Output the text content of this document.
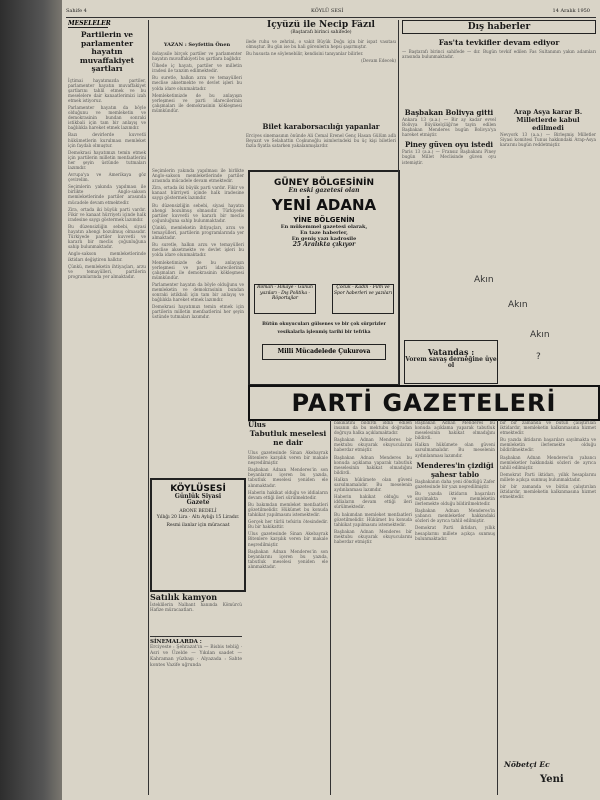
Sahife 4	KÖYLÜ SESİ	14 Aralık 1950
MESELELER
Partilerin ve parlamenter hayatın muvaffakiyet şartları

İçtimai hayatımızda partiler, parlamenter hayatın muvaffakiyet şartlarını tahlil etmek ve bu meselelere dair kanaatlerimizi izah etmek istiyoruz.

Parlamenter hayatın da böyle olduğunu ve memleketin ve demokrasinin bundan sonraki istikbali için tam bir anlayış ve bağlılıkla hareket etmek lazımdır.

Bazı devirlerde kuvvetli hükümetlerin kurulması memleket için faydalı olmuştur.

Demokrasi hayatımızı temin etmek için partilerin milletin menfaatlerini her şeyin üstünde tutmaları lazımdır.

Avrupa'ya ve Amerikaya göz çevirelim.

Seçimlerin yakında yapılması ile birlikte Anglo-sakson memleketlerinde partiler arasında mücadele devam etmektedir.

Zira, ortada iki büyük parti vardır. Fikir ve kanaat hürriyeti içinde halk iradesine saygı göstermek lazımdır.

Bu düzensizliğin sebebi, siyasi hayatın ahengi bozulmuş olmasıdır. Türkiyede partiler kuvvetli ve kararlı bir meclis çoğunluğuna sahip bulunmaktadır.

Anglo-sakson memleketlerinde iktidarı değiştiren halktır.

Çünkü, memleketin ihtiyaçları, arzu ve temayülleri, partilerin programlarında yer almaktadır.

YAZAN : Seyfettin Önen

dolayısile birçok partiler ve parlamenter hayatın muvaffakiyeti bu şartlara bağlıdır.

Ülkede iç hayatı, partiler ve milletin iradesi ile tanzim edilmektedir.

Bu suretle, halkın arzu ve temayülleri meclise aksetmekte ve devlet işleri bu yolda idare olunmaktadır.

Memleketimizde de bu anlayışın yerleşmesi ve parti idarecilerinin çalışmaları ile demokrasinin kökleşmesi mümkündür.

İçyüzü ile Necip Fâzıl
(Baştarafı birinci sahifede)

ilede ruhu ve zehrini, o vakit Büyük Doğu için bir ispat vasıtası olmuştur. Bu gün ise bu hali görenlerin hepsi şaşırmıştır.

Bu hususta ne söylenebilir, kendisini tanıyanlar bilirler.

(Devam Edecek)

Bilet karaborsacılığı yapanlar

Erciyes sinemasının önünde Ali Cemal Erenel Genç Hasan Gülüm adlı Beyazıt ve Selahattin Coşkunoğlu isimlerindeki bu üç kişi biletleri fazla fiyatla satarken yakalanmışlardır.

GÜNEY BÖLGESİNİN
En eski gazetesi olan
YENİ ADANA
YİNE BÖLGENİN
En mükemmel gazetesi olarak,
En taze haberler,
En geniş yazı kadrosile
25 Aralıkta çıkıyor
Roman - Hikâye - Günün yazıları - Dış Politika - Röportajlar
Çocuk - Kadın - Film ve Spor haberleri ve yazıları
Bütün okuyucuları gülsenes ve bir çok sürprizler
vesikalarla işlenmiş tarihi bir tefrika
Milli Mücadelede Çukurova

Seçimlerin yakında yapılması ile birlikte Anglo-sakson memleketlerinde partiler arasında mücadele devam etmektedir.

Zira, ortada iki büyük parti vardır. Fikir ve kanaat hürriyeti içinde halk iradesine saygı göstermek lazımdır.

Bu düzensizliğin sebebi, siyasi hayatın ahengi bozulmuş olmasıdır. Türkiyede partiler kuvvetli ve kararlı bir meclis çoğunluğuna sahip bulunmaktadır.

Çünkü, memleketin ihtiyaçları, arzu ve temayülleri, partilerin programlarında yer almaktadır.

Bu suretle, halkın arzu ve temayülleri meclise aksetmekte ve devlet işleri bu yolda idare olunmaktadır.

Memleketimizde de bu anlayışın yerleşmesi ve parti idarecilerinin çalışmaları ile demokrasinin kökleşmesi mümkündür.

Parlamenter hayatın da böyle olduğunu ve memleketin ve demokrasinin bundan sonraki istikbali için tam bir anlayış ve bağlılıkla hareket etmek lazımdır.

Demokrasi hayatımızı temin etmek için partilerin milletin menfaatlerini her şeyin üstünde tutmaları lazımdır.

Dış haberler
Fas'ta tevkifler devam ediyor
— Baştarafı birinci sahifede — dır. Bugün tevkif edilen Fas Sultanının yakın adamları arasında bulunmaktadır.
Başbakan Bolivya gitti
Ankara 13 (a.a.) — Bir ay kadar evvel Bolivya Büyükelçiliği'ne tayin edilen Başbakan Menderes bugün Bolivya'ya hareket etmiştir.
Piney güven oyu istedi
Paris 13 (a.a.) — Fransız Başbakanı Piney bugün Millet Meclisinde güven oyu istemiştir.
Arap Asya karar B. Milletlerde kabul edilmedi
Nevyork 13 (a.a.) — Birleşmiş Milletler Siyasi komitesi Tunus hakkındaki Arap-Asya kararını bugün reddetmiştir.
Vatandaş :
Vorem savaş derneğine üye ol
Akın
Akın
Akın
?
PARTİ GAZETELERİ
KÖYLÜSESİ
Günlük Siyasi
Gazete
ABONE BEDELİ
Yıllığı 20 Lira · Altı Aylığı 15 Liradır.
Resmi ilanlar için müracaat
Satılık kamyon
İsteklilerin Nalbant hanında Kömürcü Hafize müracaatları.
SİNEMALARDA :
Erciyeste : Şehrazat'ın — Bisbis tebliğ · Asri ve Üzelde — Yıkılan saadet — Kahraman yüzbaşı · Alyazada : Sahte kontes Vazife uğrunda
Ulus
Tabutluk meselesi ne dair

Ulus gazetesinde Sinan Akebayrak Bitenlere karşılık veren bir makale neşredilmiştir.

Başbakan Adnan Menderes'in son beyanlarını içeren bu yazıda, tabutluk meselesi yeniden ele alınmaktadır.

Haberin hakikat olduğu ve iddiaların devam ettiği ileri sürülmektedir.

Bu bakımdan memleket menfaatleri gözetilmelidir. Hükümet bu konuda tahkikat yapılmasını istemektedir.

Gerçek her türlü tefsirin ötesindedir. Bu bir hakikattir.

Ulus gazetesinde Sinan Akebayrak Bitenlere karşılık veren bir makale neşredilmiştir.

Başbakan Adnan Menderes'in son beyanlarını içeren bu yazıda, tabutluk meselesi yeniden ele alınmaktadır.

bakikatini bildirdi iddia edilen insanın da bu mektubu doğrudan doğruya halka açıklamaktadır.

Başbakan Adnan Menderes bir mektubu okuyarak okuyucularını haberdar etmiştir.

Başbakan Adnan Menderes bu konuda açıklama yaparak tabutluk meselesinin hakikat olmadığını bildirdi.

Halkın hükümete olan güveni sarsılmamalıdır. Bu meselenin aydınlanması lazımdır.

Haberin hakikat olduğu ve iddiaların devam ettiği ileri sürülmektedir.

Bu bakımdan memleket menfaatleri gözetilmelidir. Hükümet bu konuda tahkikat yapılmasını istemektedir.

Başbakan Adnan Menderes bir mektubu okuyarak okuyucularını haberdar etmiştir.

Başbakan Adnan Menderes bu konuda açıklama yaparak tabutluk meselesinin hakikat olmadığını bildirdi.

Halkın hükümete olan güveni sarsılmamalıdır. Bu meselenin aydınlanması lazımdır.

Menderes'in çizdiği şahesr tablo

Başbakanın daha yeni döndüğü Zafer gazetesinde bir yazı neşredilmiştir.

Bu yazıda iktidarın başarıları sayılmakta ve memleketin ilerlemekte olduğu bildirilmektedir.

Başbakan Adnan Menderes'in yabancı memleketler hakkındaki sözleri de ayrıca tahlil edilmiştir.

Demokrat Parti iktidarı, yıllık hesaplarını millete açıkça sunmuş bulunmaktadır.

bir bir zamanda ve bütün çalıştırılan iktidardır, memleketin kalkınmasına hizmet etmektedir.

Bu yazıda iktidarın başarıları sayılmakta ve memleketin ilerlemekte olduğu bildirilmektedir.

Başbakan Adnan Menderes'in yabancı memleketler hakkındaki sözleri de ayrıca tahlil edilmiştir.

Demokrat Parti iktidarı, yıllık hesaplarını millete açıkça sunmuş bulunmaktadır.

bir bir zamanda ve bütün çalıştırılan iktidardır, memleketin kalkınmasına hizmet etmektedir.

Nöbetçi Ec
Yeni
